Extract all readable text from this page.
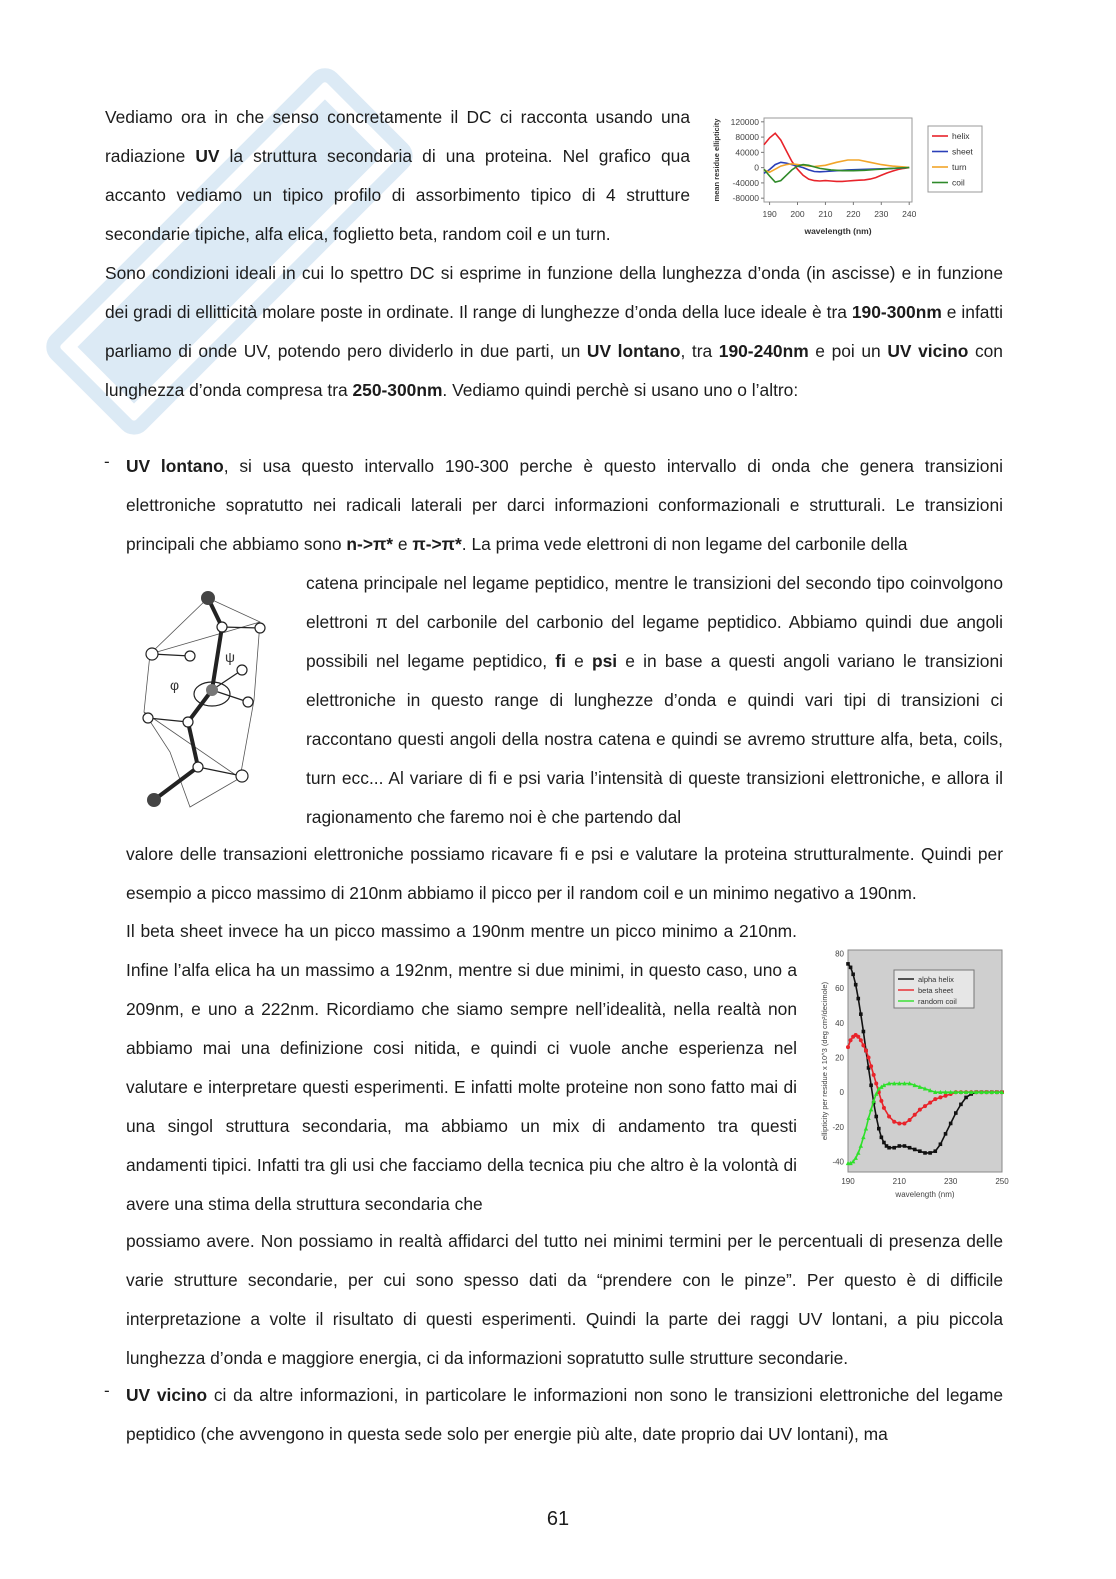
Vediamo ora in che senso concretamente il DC ci racconta usando una radiazione UV la struttura secondaria di una proteina. Nel grafico qua accanto vediamo un tipico profilo di assorbimento tipico di 4 strutture secondarie tipiche, alfa elica, foglietto beta, random coil e un turn.

120000
80000
40000
0
-40000
-80000
190 200 210 220 230 240
wavelength (nm)
mean residue ellipticity	helix
sheet
turn
coil

Sono condizioni ideali in cui lo spettro DC si esprime in funzione della lunghezza d’onda (in ascisse) e in funzione dei gradi di ellitticità molare poste in ordinate. Il range di lunghezze d’onda della luce ideale è tra 190-300nm e infatti parliamo di onde UV, potendo pero dividerlo in due parti, un UV lontano, tra 190-240nm e poi un UV vicino con lunghezza d’onda compresa tra 250-300nm. Vediamo quindi perchè si usano uno o l’altro:

- UV lontano, si usa questo intervallo 190-300 perche è questo intervallo di onda che genera transizioni elettroniche sopratutto nei radicali laterali per darci informazioni conformazionali e strutturali. Le transizioni principali che abbiamo sono n->π* e π->π*. La prima vede elettroni di non legame del carbonile della

ψ
φ

catena principale nel legame peptidico, mentre le transizioni del secondo tipo coinvolgono elettroni π del carbonile del carbonio del legame peptidico. Abbiamo quindi due angoli possibili nel legame peptidico, fi e psi e in base a questi angoli variano le transizioni elettroniche in questo range di lunghezze d’onda e quindi vari tipi di transizioni ci raccontano questi angoli della nostra catena e quindi se avremo strutture alfa, beta, coils, turn ecc... Al variare di fi e psi varia l’intensità di queste transizioni elettroniche, e allora il ragionamento che faremo noi è che partendo dal

valore delle transazioni elettroniche possiamo ricavare fi e psi e valutare la proteina strutturalmente. Quindi per esempio a picco massimo di 210nm abbiamo il picco per il random coil e un minimo negativo a 190nm.

Il beta sheet invece ha un picco massimo a 190nm mentre un picco minimo a 210nm. Infine l’alfa elica ha un massimo a 192nm, mentre si due minimi, in questo caso, uno a 209nm, e uno a 222nm. Ricordiamo che siamo sempre nell’idealità, nella realtà non abbiamo mai una definizione cosi nitida, e quindi ci vuole anche esperienza nel valutare e interpretare questi esperimenti. E infatti molte proteine non sono fatto mai di una singol struttura secondaria, ma abbiamo un mix di andamento tra questi andamenti tipici. Infatti tra gli usi che facciamo della tecnica piu che altro è la volontà di avere una stima della struttura secondaria che

80
60
40
20
0
-20
-40
190	210	230	250
wavelength (nm)
ellipticity per residue x 10^3 (deg cm²/decimole)
alpha helix
beta sheet
random coil

possiamo avere. Non possiamo in realtà affidarci del tutto nei minimi termini per le percentuali di presenza delle varie strutture secondarie, per cui sono spesso dati da “prendere con le pinze”. Per questo è di difficile interpretazione a volte il risultato di questi esperimenti. Quindi la parte dei raggi UV lontani, a piu piccola lunghezza d’onda e maggiore energia, ci da informazioni sopratutto sulle strutture secondarie.

- UV vicino ci da altre informazioni, in particolare le informazioni non sono le transizioni elettroniche del legame peptidico (che avvengono in questa sede solo per energie più alte, date proprio dai UV lontani), ma

61
